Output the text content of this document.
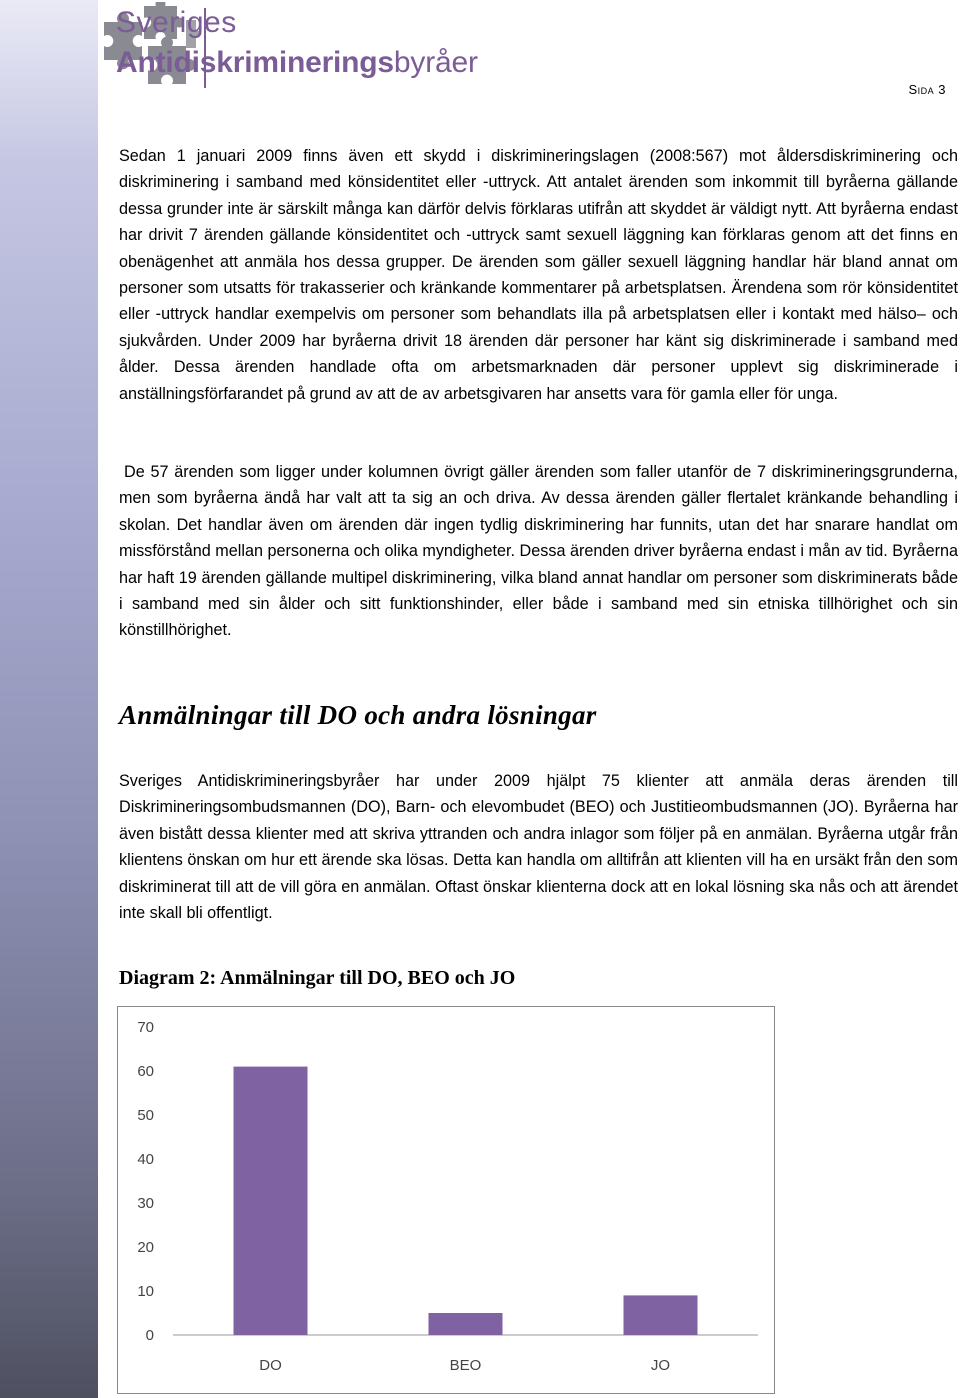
Sveriges
Antidiskrimineringsbyråer
Sida 3

Sedan 1 januari 2009 finns även ett skydd i diskrimineringslagen (2008:567) mot åldersdiskriminering och diskriminering i samband med könsidentitet eller -uttryck. Att antalet ärenden som inkommit till byråerna gällande dessa grunder inte är särskilt många kan därför delvis förklaras utifrån att skyddet är väldigt nytt. Att byråerna endast har drivit 7 ärenden gällande könsidentitet och -uttryck samt sexuell läggning kan förklaras genom att det finns en obenägenhet att anmäla hos dessa grupper. De ärenden som gäller sexuell läggning handlar här bland annat om personer som utsatts för trakasserier och kränkande kommentarer på arbetsplatsen. Ärendena som rör könsidentitet eller -uttryck handlar exempelvis om personer som behandlats illa på arbetsplatsen eller i kontakt med hälso– och sjukvården. Under 2009 har byråerna drivit 18 ärenden där personer har känt sig diskriminerade i samband med ålder. Dessa ärenden handlade ofta om arbetsmarknaden där personer upplevt sig diskriminerade i anställningsförfarandet på grund av att de av arbetsgivaren har ansetts vara för gamla eller för unga.

De 57 ärenden som ligger under kolumnen övrigt gäller ärenden som faller utanför de 7 diskrimineringsgrunderna, men som byråerna ändå har valt att ta sig an och driva. Av dessa ärenden gäller flertalet kränkande behandling i skolan. Det handlar även om ärenden där ingen tydlig diskriminering har funnits, utan det har snarare handlat om missförstånd mellan personerna och olika myndigheter. Dessa ärenden driver byråerna endast i mån av tid. Byråerna har haft 19 ärenden gällande multipel diskriminering, vilka bland annat handlar om personer som diskriminerats både i samband med sin ålder och sitt funktionshinder, eller både i samband med sin etniska tillhörighet och sin könstillhörighet.

Anmälningar till DO och andra lösningar

Sveriges Antidiskrimineringsbyråer har under 2009 hjälpt 75 klienter att anmäla deras ärenden till Diskrimineringsombudsmannen (DO), Barn- och elevombudet (BEO) och Justitieombudsmannen (JO). Byråerna har även bistått dessa klienter med att skriva yttranden och andra inlagor som följer på en anmälan. Byråerna utgår från klientens önskan om hur ett ärende ska lösas. Detta kan handla om alltifrån att klienten vill ha en ursäkt från den som diskriminerat till att de vill göra en anmälan. Oftast önskar klienterna dock att en lokal lösning ska nås och att ärendet inte skall bli offentligt.

Diagram 2: Anmälningar till DO, BEO och JO
0
10
20
30
40
50
60
70
DO	BEO	JO
